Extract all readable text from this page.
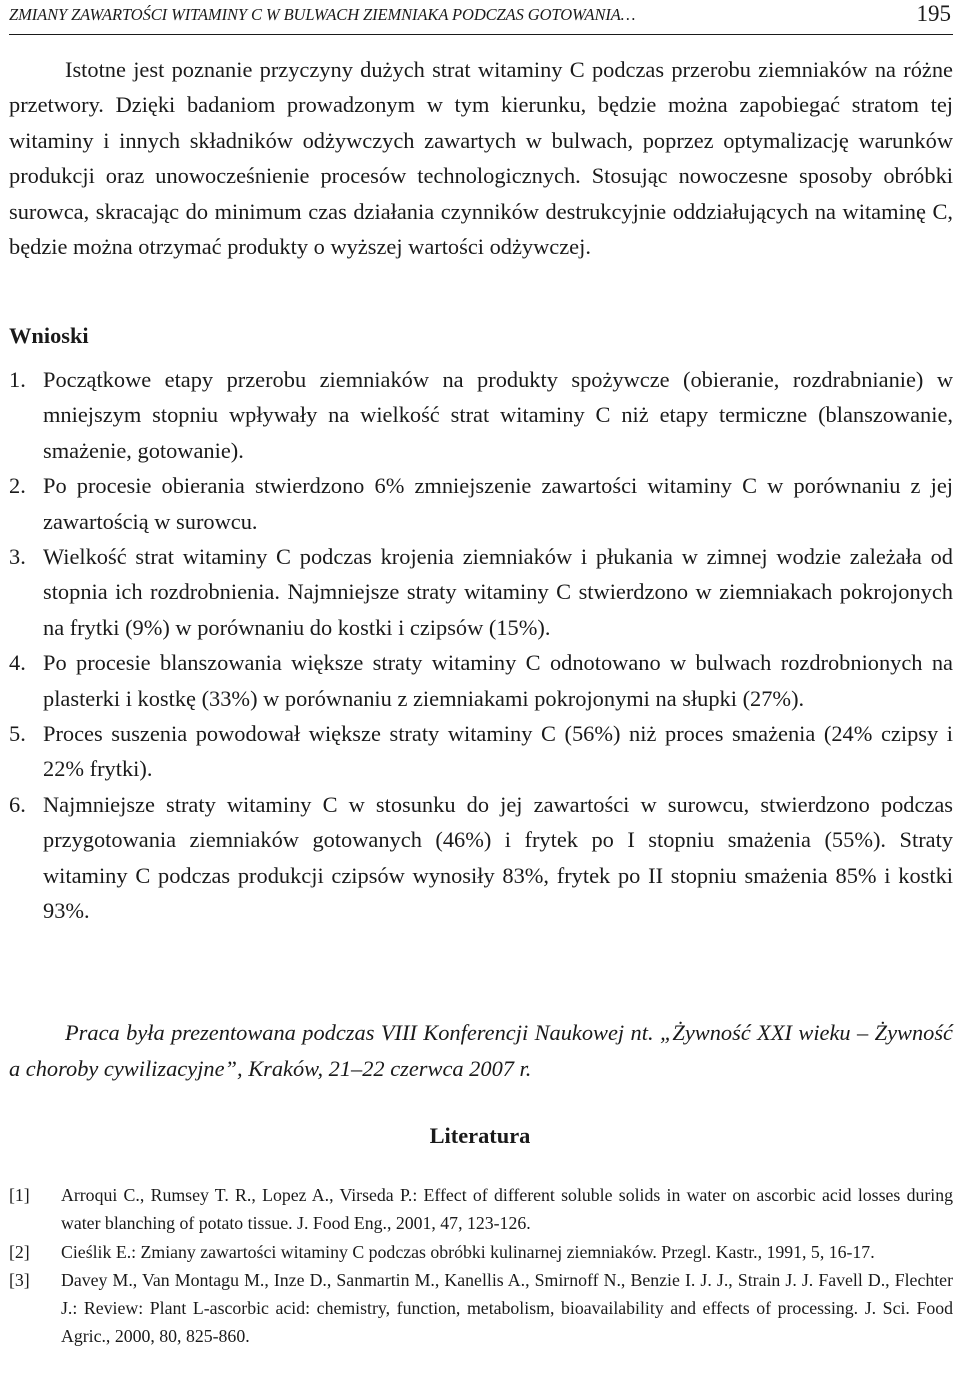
ZMIANY ZAWARTOŚCI WITAMINY C W BULWACH ZIEMNIAKA PODCZAS GOTOWANIA…	195

Istotne jest poznanie przyczyny dużych strat witaminy C podczas przerobu ziemniaków na różne przetwory. Dzięki badaniom prowadzonym w tym kierunku, będzie można zapobiegać stratom tej witaminy i innych składników odżywczych zawartych w bulwach, poprzez optymalizację warunków produkcji oraz unowocześnienie procesów technologicznych. Stosując nowoczesne sposoby obróbki surowca, skracając do minimum czas działania czynników destrukcyjnie oddziałujących na witaminę C, będzie można otrzymać produkty o wyższej wartości odżywczej.

Wnioski
1. Początkowe etapy przerobu ziemniaków na produkty spożywcze (obieranie, rozdrabnianie) w mniejszym stopniu wpływały na wielkość strat witaminy C niż etapy termiczne (blanszowanie, smażenie, gotowanie).
2. Po procesie obierania stwierdzono 6% zmniejszenie zawartości witaminy C w porównaniu z jej zawartością w surowcu.
3. Wielkość strat witaminy C podczas krojenia ziemniaków i płukania w zimnej wodzie zależała od stopnia ich rozdrobnienia. Najmniejsze straty witaminy C stwierdzono w ziemniakach pokrojonych na frytki (9%) w porównaniu do kostki i czipsów (15%).
4. Po procesie blanszowania większe straty witaminy C odnotowano w bulwach rozdrobnionych na plasterki i kostkę (33%) w porównaniu z ziemniakami pokrojonymi na słupki (27%).
5. Proces suszenia powodował większe straty witaminy C (56%) niż proces smażenia (24% czipsy i 22% frytki).
6. Najmniejsze straty witaminy C w stosunku do jej zawartości w surowcu, stwierdzono podczas przygotowania ziemniaków gotowanych (46%) i frytek po I stopniu smażenia (55%). Straty witaminy C podczas produkcji czipsów wynosiły 83%, frytek po II stopniu smażenia 85% i kostki 93%.

Praca była prezentowana podczas VIII Konferencji Naukowej nt. „Żywność XXI wieku – Żywność a choroby cywilizacyjne”, Kraków, 21–22 czerwca 2007 r.

Literatura
[1] Arroqui C., Rumsey T. R., Lopez A., Virseda P.: Effect of different soluble solids in water on ascorbic acid losses during water blanching of potato tissue. J. Food Eng., 2001, 47, 123-126.
[2] Cieślik E.: Zmiany zawartości witaminy C podczas obróbki kulinarnej ziemniaków. Przegl. Kastr., 1991, 5, 16-17.
[3] Davey M., Van Montagu M., Inze D., Sanmartin M., Kanellis A., Smirnoff N., Benzie I. J. J., Strain J. J. Favell D., Flechter J.: Review: Plant L-ascorbic acid: chemistry, function, metabolism, bioavailability and effects of processing. J. Sci. Food Agric., 2000, 80, 825-860.
